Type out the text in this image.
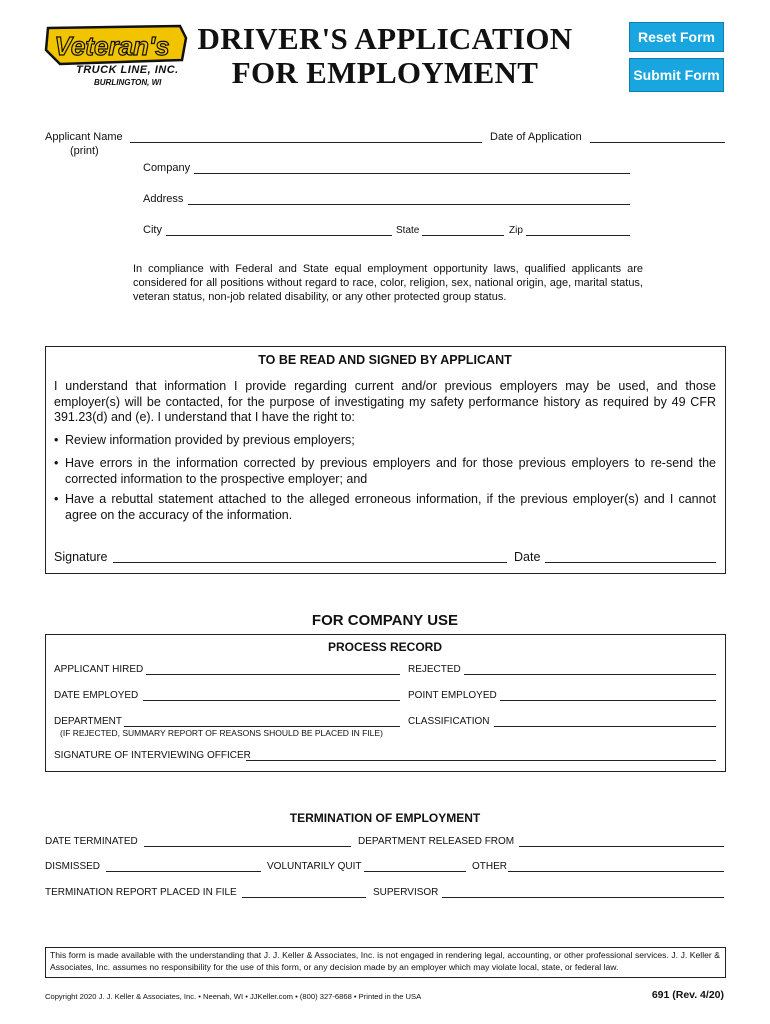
Veteran's
TRUCK LINE, INC.
BURLINGTON, WI
DRIVER'S APPLICATION
FOR EMPLOYMENT
Reset Form
Submit Form
Applicant Name
(print)
Date of Application
Company
Address
City	State	Zip
In compliance with Federal and State equal employment opportunity laws, qualified applicants are considered for all positions without regard to race, color, religion, sex, national origin, age, marital status, veteran status, non-job related disability, or any other protected group status.
TO BE READ AND SIGNED BY APPLICANT
I understand that information I provide regarding current and/or previous employers may be used, and those employer(s) will be contacted, for the purpose of investigating my safety performance history as required by 49 CFR 391.23(d) and (e). I understand that I have the right to:
• Review information provided by previous employers;
• Have errors in the information corrected by previous employers and for those previous employers to re-send the corrected information to the prospective employer; and
• Have a rebuttal statement attached to the alleged erroneous information, if the previous employer(s) and I cannot agree on the accuracy of the information.
Signature	Date
FOR COMPANY USE
PROCESS RECORD
APPLICANT HIRED	REJECTED
DATE EMPLOYED	POINT EMPLOYED
DEPARTMENT	CLASSIFICATION
(IF REJECTED, SUMMARY REPORT OF REASONS SHOULD BE PLACED IN FILE)
SIGNATURE OF INTERVIEWING OFFICER
TERMINATION OF EMPLOYMENT
DATE TERMINATED	DEPARTMENT RELEASED FROM
DISMISSED	VOLUNTARILY QUIT	OTHER
TERMINATION REPORT PLACED IN FILE	SUPERVISOR
This form is made available with the understanding that J. J. Keller & Associates, Inc. is not engaged in rendering legal, accounting, or other professional services. J. J. Keller & Associates, Inc. assumes no responsibility for the use of this form, or any decision made by an employer which may violate local, state, or federal law.
Copyright 2020 J. J. Keller & Associates, Inc. • Neenah, WI • JJKeller.com • (800) 327-6868 • Printed in the USA	691 (Rev. 4/20)
